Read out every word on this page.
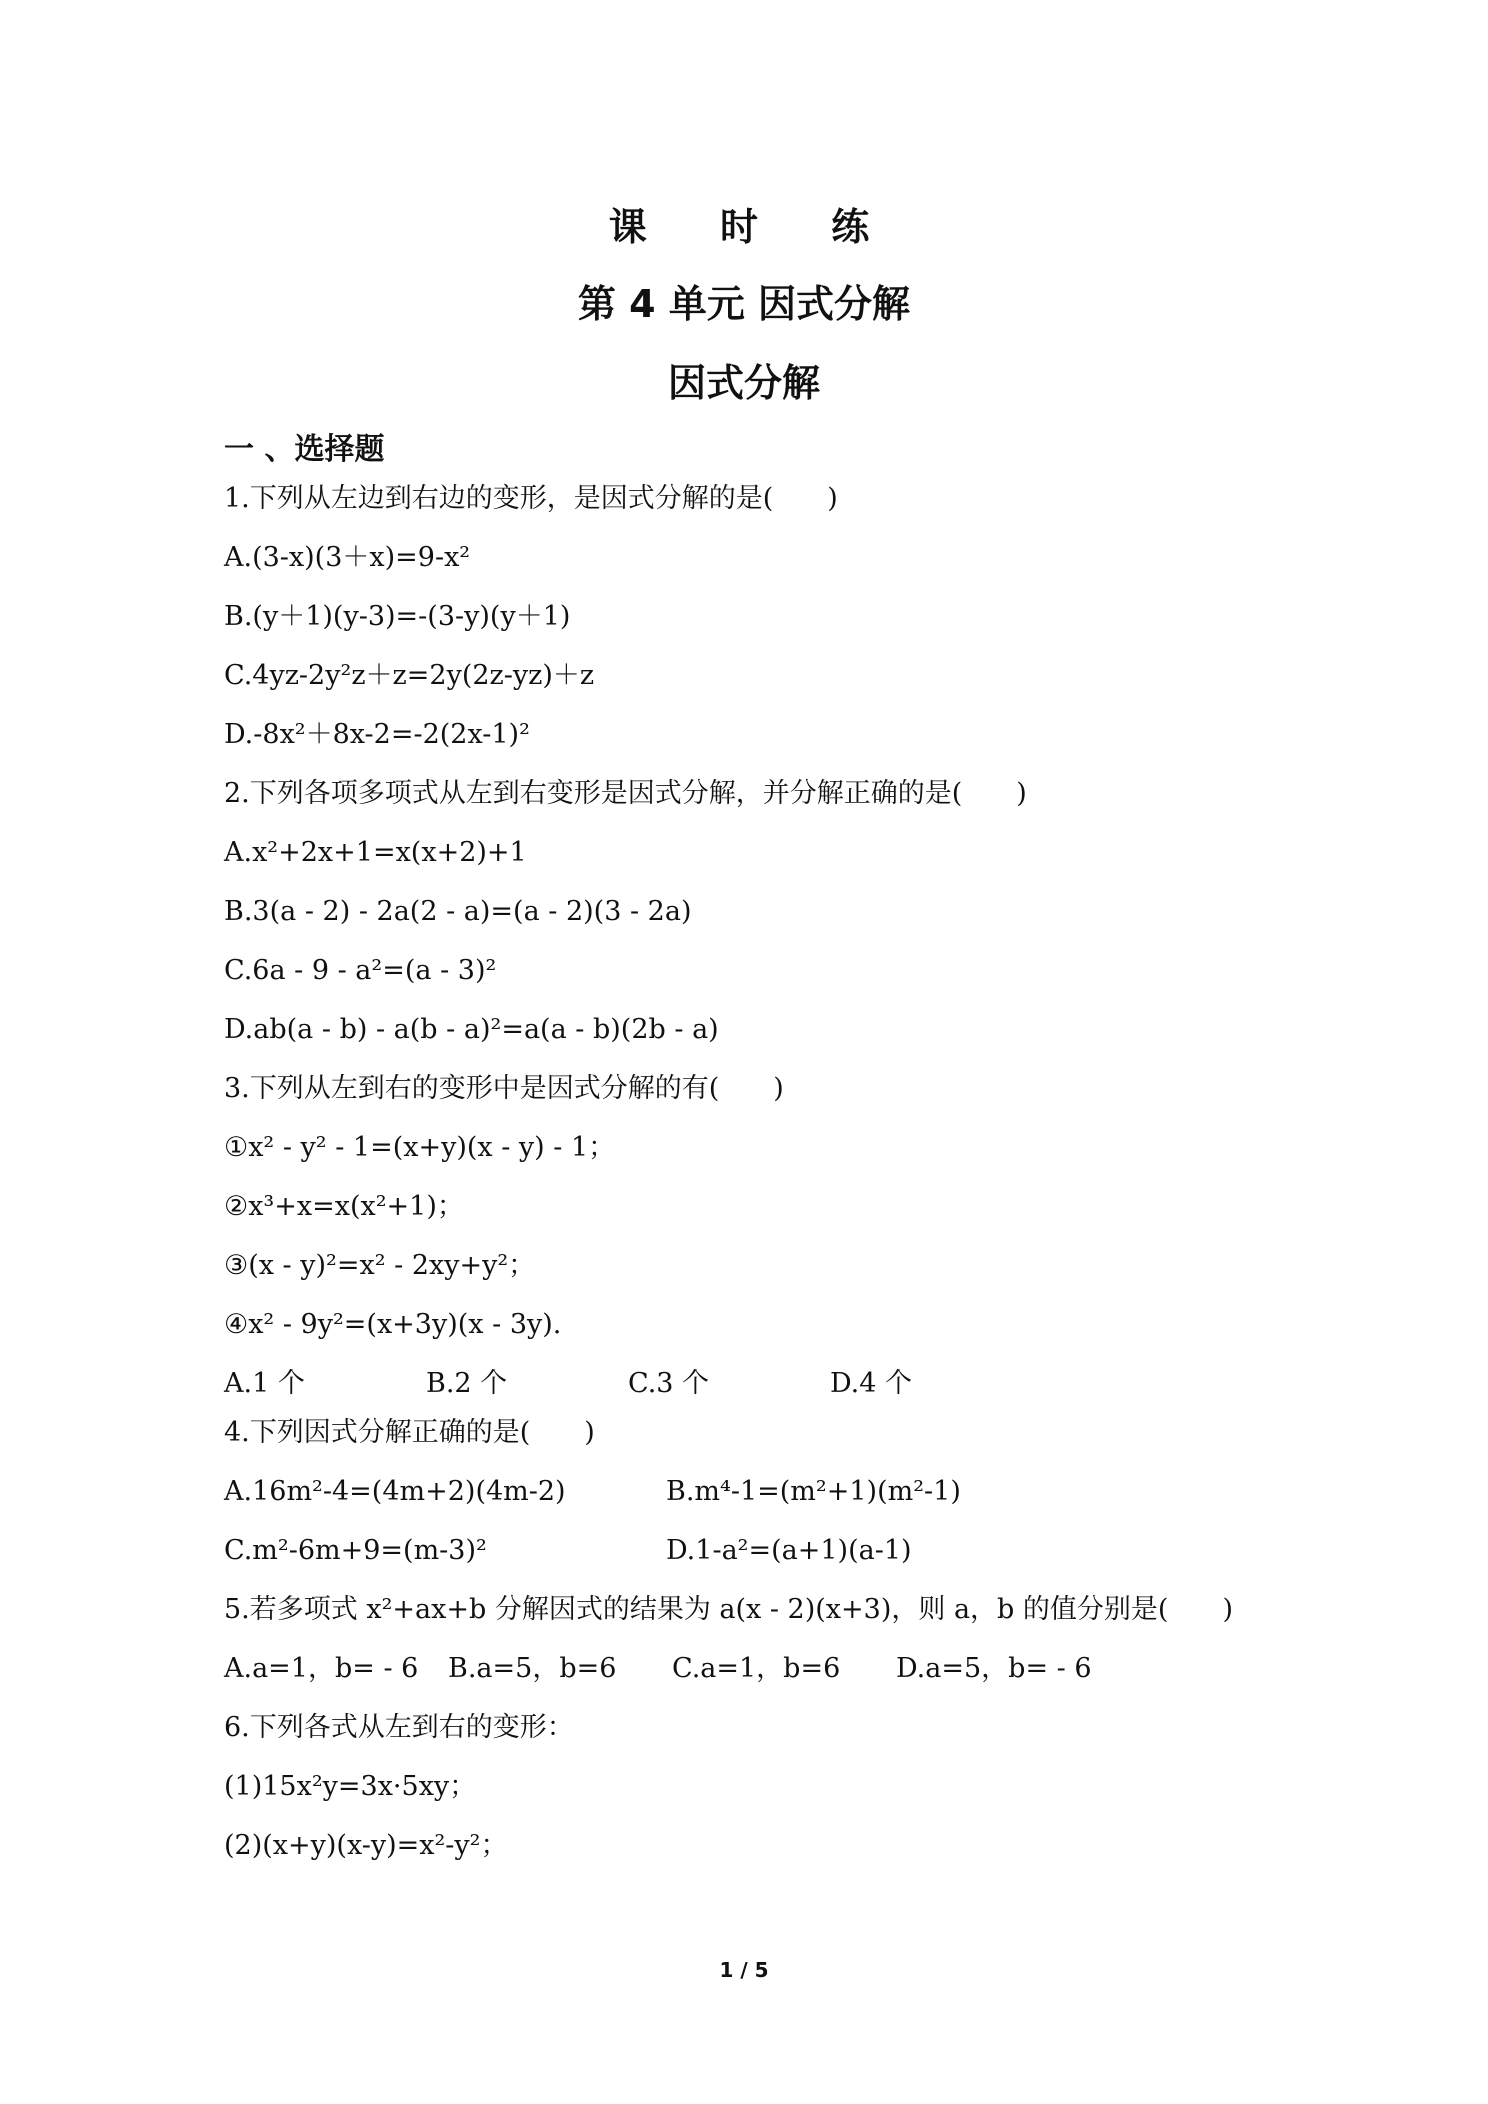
课 时 练
第 4 单元 因式分解
因式分解
一 、选择题
1.下列从左边到右边的变形，是因式分解的是(　　)
A.(3-x)(3＋x)=9-x²
B.(y＋1)(y-3)=-(3-y)(y＋1)
C.4yz-2y²z＋z=2y(2z-yz)＋z
D.-8x²＋8x-2=-2(2x-1)²
2.下列各项多项式从左到右变形是因式分解，并分解正确的是(　　)
A.x²+2x+1=x(x+2)+1
B.3(a - 2) - 2a(2 - a)=(a - 2)(3 - 2a)
C.6a - 9 - a²=(a - 3)²
D.ab(a - b) - a(b - a)²=a(a - b)(2b - a)
3.下列从左到右的变形中是因式分解的有(　　)
①x² - y² - 1=(x+y)(x - y) - 1；
②x³+x=x(x²+1)；
③(x - y)²=x² - 2xy+y²；
④x² - 9y²=(x+3y)(x - 3y).
A.1 个	B.2 个	C.3 个	D.4 个
4.下列因式分解正确的是(　　)
A.16m²-4=(4m+2)(4m-2)	B.m⁴-1=(m²+1)(m²-1)
C.m²-6m+9=(m-3)²	D.1-a²=(a+1)(a-1)
5.若多项式 x²+ax+b 分解因式的结果为 a(x - 2)(x+3)，则 a，b 的值分别是(　　)
A.a=1，b= - 6 B.a=5，b=6 C.a=1，b=6 D.a=5，b= - 6
6.下列各式从左到右的变形：
(1)15x²y=3x·5xy；
(2)(x+y)(x-y)=x²-y²；
1 / 5
